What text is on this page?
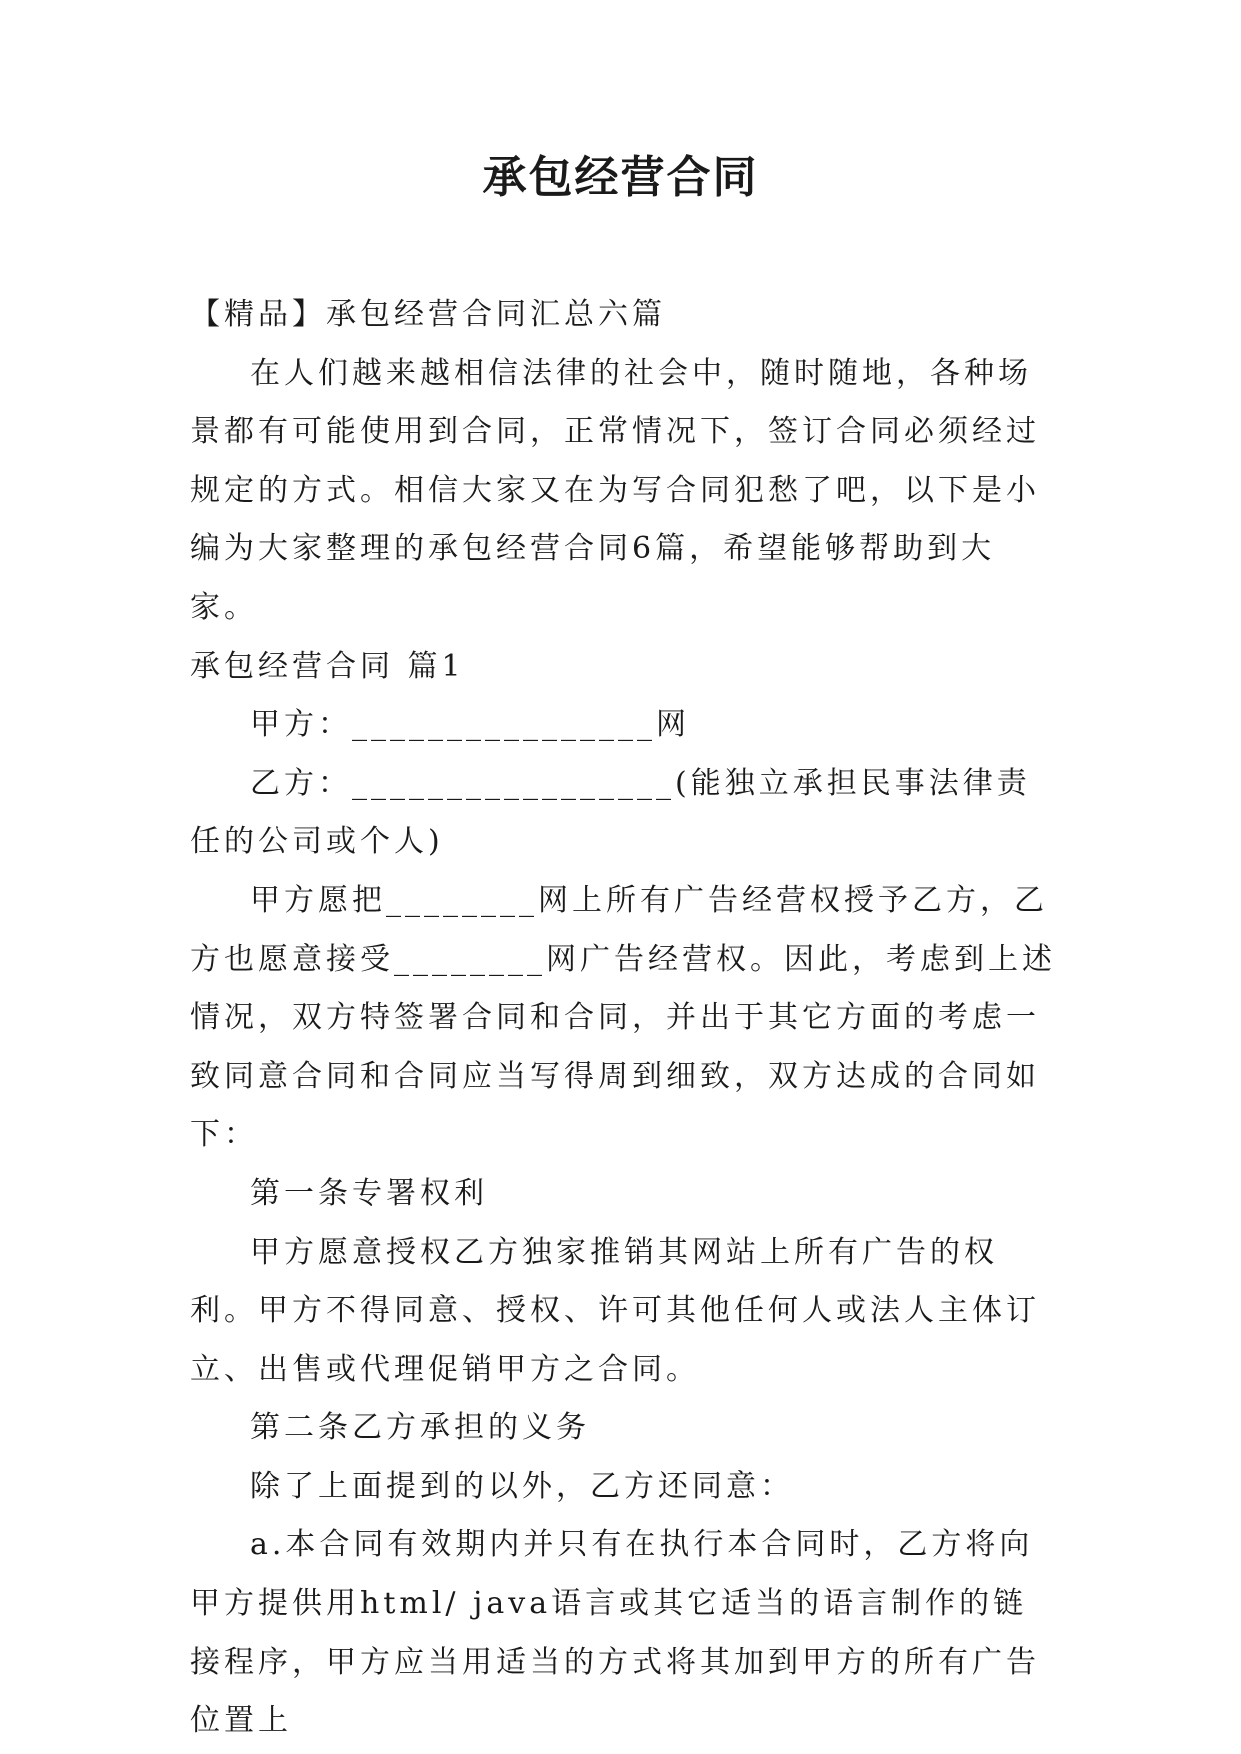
承包经营合同

【精品】承包经营合同汇总六篇

在人们越来越相信法律的社会中，随时随地，各种场景都有可能使用到合同，正常情况下，签订合同必须经过规定的方式。相信大家又在为写合同犯愁了吧，以下是小编为大家整理的承包经营合同6篇，希望能够帮助到大家。

承包经营合同 篇1

甲方：________________网

乙方：_________________(能独立承担民事法律责任的公司或个人)

甲方愿把________网上所有广告经营权授予乙方，乙方也愿意接受________网广告经营权。因此，考虑到上述情况，双方特签署合同和合同，并出于其它方面的考虑一致同意合同和合同应当写得周到细致，双方达成的合同如下：

第一条专署权利

甲方愿意授权乙方独家推销其网站上所有广告的权利。甲方不得同意、授权、许可其他任何人或法人主体订立、出售或代理促销甲方之合同。

第二条乙方承担的义务

除了上面提到的以外，乙方还同意：

a.本合同有效期内并只有在执行本合同时，乙方将向甲方提供用html/ java语言或其它适当的语言制作的链接程序，甲方应当用适当的方式将其加到甲方的所有广告位置上
